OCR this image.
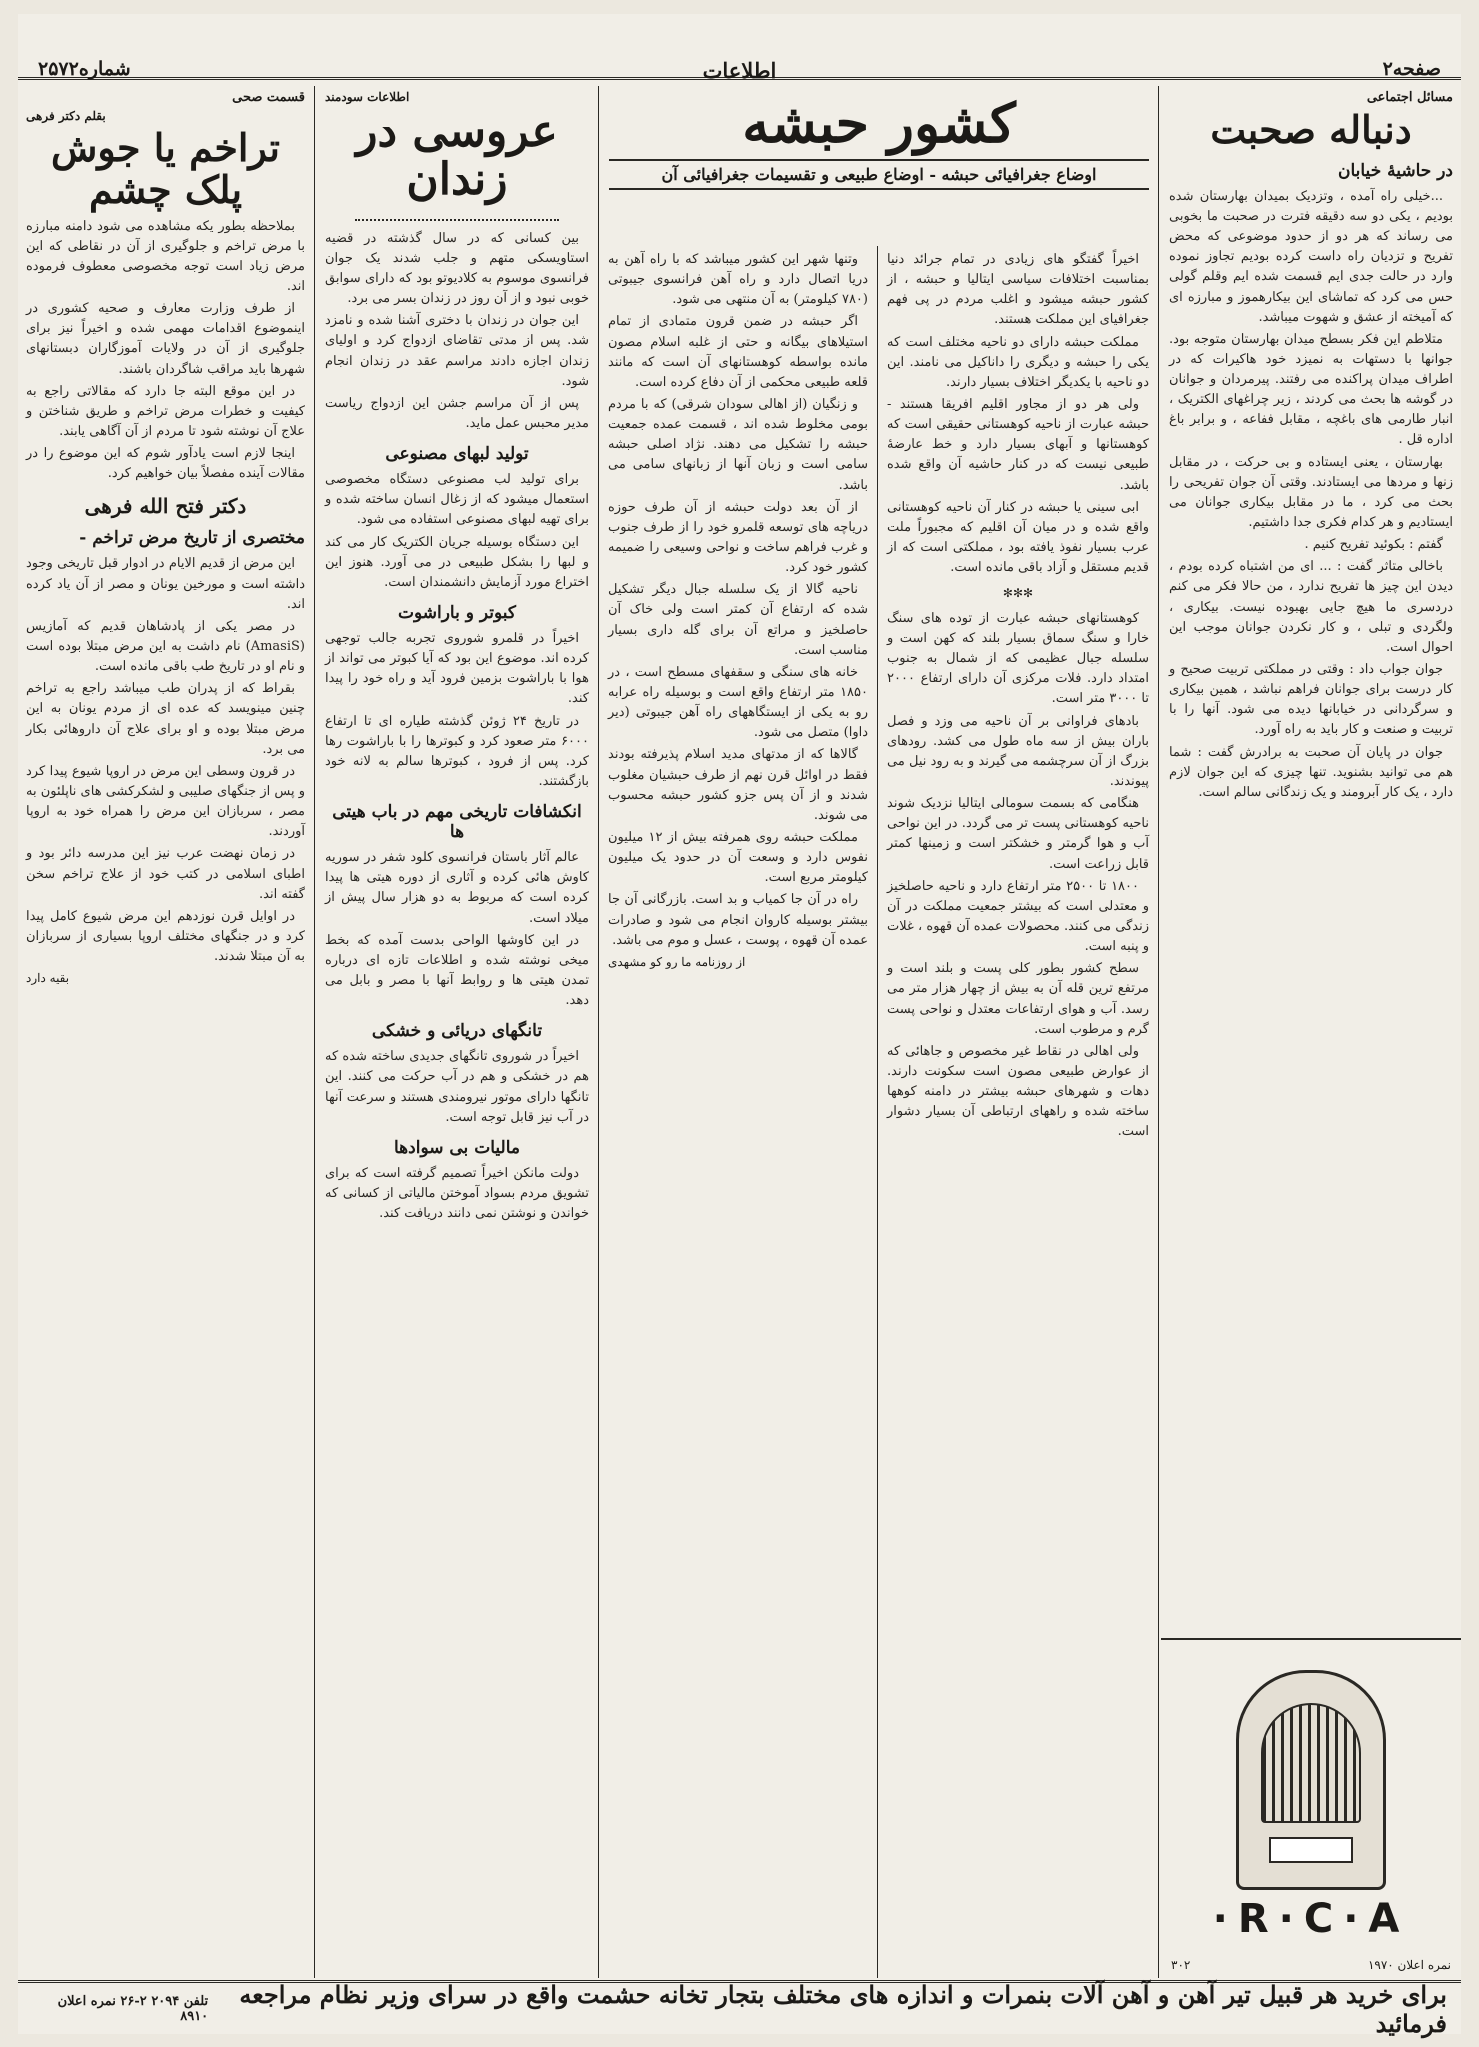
صفحه۲
اطلاعات
شماره۲۵۷۲
مسائل اجتماعی
دنباله صحبت
در حاشیهٔ خیابان

...خیلی راه آمده ، وتزدیک بمیدان بهارستان شده بودیم ، یکی دو سه دقیقه فترت در صحبت ما بخوبی می رساند که هر دو از حدود موضوعی که محض تفریح و تزدیان راه داست کرده بودیم تجاوز نموده وارد در حالت جدی ایم قسمت شده ایم وقلم گولی حس می کرد که تماشای این بیکارهموز و مبارزه ای که آمیخته از عشق و شهوت میباشد.

متلاطم این فکر بسطح میدان بهارستان متوجه بود. جوانها با دستهات به نمیزد خود هاکیرات که در اطراف میدان پراکنده می رفتند. پیرمردان و جوانان در گوشه ها بحث می کردند ، زیر چراغهای الکتریک ، انبار طارمی های باغچه ، مقابل ففاعه ، و برابر باغ اداره قل .

بهارستان ، یعنی ایستاده و بی حرکت ، در مقابل زنها و مردها می ایستادند. وقتی آن جوان تفریحی را بحث می کرد ، ما در مقابل بیکاری جوانان می ایستادیم و هر کدام فکری جدا داشتیم.

گفتم : بکوئید تفریح کنیم .

باخالی متاثر گفت : ... ای من اشتباه کرده بودم ، دیدن این چیز ها تفریح ندارد ، من حالا فکر می کنم دردسری ما هیچ جایی بهبوده نیست. بیکاری ، ولگردی و تبلی ، و کار نکردن جوانان موجب این احوال است.

جوان جواب داد : وقتی در مملکتی تربیت صحیح و کار درست برای جوانان فراهم نباشد ، همین بیکاری و سرگردانی در خیابانها دیده می شود. آنها را با تربیت و صنعت و کار باید به راه آورد.

جوان در پایان آن صحبت به برادرش گفت : شما هم می توانید بشنوید. تنها چیزی که این جوان لازم دارد ، یک کار آبرومند و یک زندگانی سالم است.

R·C·A·
نمره اعلان ۱۹۷۰
۳۰۲
کشور حبشه
اوضاع جغرافیائی حبشه - اوضاع طبیعی و تقسیمات جغرافیائی آن

اخیراً گفتگو های زیادی در تمام جرائد دنیا بمناسبت اختلافات سیاسی ایتالیا و حبشه ، از کشور حبشه میشود و اغلب مردم در پی فهم جغرافیای این مملکت هستند.

مملکت حبشه دارای دو ناحیه مختلف است که یکی را حبشه و دیگری را داناکیل می نامند. این دو ناحیه با یکدیگر اختلاف بسیار دارند.

ولی هر دو از مجاور اقلیم افریقا هستند - حبشه عبارت از ناحیه کوهستانی حقیقی است که کوهستانها و آبهای بسیار دارد و خط عارضهٔ طبیعی نیست که در کنار حاشیه آن واقع شده باشد.

ابی سینی یا حبشه در کنار آن ناحیه کوهستانی واقع شده و در میان آن اقلیم که مجبوراً ملت عرب بسیار نفوذ یافته بود ، مملکتی است که از قدیم مستقل و آزاد باقی مانده است.

✻✻✻

کوهستانهای حبشه عبارت از توده های سنگ خارا و سنگ سماق بسیار بلند که کهن است و سلسله جبال عظیمی که از شمال به جنوب امتداد دارد. فلات مرکزی آن دارای ارتفاع ۲۰۰۰ تا ۳۰۰۰ متر است.

بادهای فراوانی بر آن ناحیه می وزد و فصل باران بیش از سه ماه طول می کشد. رودهای بزرگ از آن سرچشمه می گیرند و به رود نیل می پیوندند.

هنگامی که بسمت سومالی ایتالیا نزدیک شوند ناحیه کوهستانی پست تر می گردد. در این نواحی آب و هوا گرمتر و خشکتر است و زمینها کمتر قابل زراعت است.

۱۸۰۰ تا ۲۵۰۰ متر ارتفاع دارد و ناحیه حاصلخیز و معتدلی است که بیشتر جمعیت مملکت در آن زندگی می کنند. محصولات عمده آن قهوه ، غلات و پنبه است.

سطح کشور بطور کلی پست و بلند است و مرتفع ترین قله آن به بیش از چهار هزار متر می رسد. آب و هوای ارتفاعات معتدل و نواحی پست گرم و مرطوب است.

ولی اهالی در نقاط غیر مخصوص و جاهائی که از عوارض طبیعی مصون است سکونت دارند. دهات و شهرهای حبشه بیشتر در دامنه کوهها ساخته شده و راههای ارتباطی آن بسیار دشوار است.

وتنها شهر این کشور میباشد که با راه آهن به دریا اتصال دارد و راه آهن فرانسوی جیبوتی (۷۸۰ کیلومتر) به آن منتهی می شود.

اگر حبشه در ضمن قرون متمادی از تمام استیلاهای بیگانه و حتی از غلبه اسلام مصون مانده بواسطه کوهستانهای آن است که مانند قلعه طبیعی محکمی از آن دفاع کرده است.

و زنگیان (از اهالی سودان شرقی) که با مردم بومی مخلوط شده اند ، قسمت عمده جمعیت حبشه را تشکیل می دهند. نژاد اصلی حبشه سامی است و زبان آنها از زبانهای سامی می باشد.

از آن بعد دولت حبشه از آن طرف حوزه دریاچه های توسعه قلمرو خود را از طرف جنوب و غرب فراهم ساخت و نواحی وسیعی را ضمیمه کشور خود کرد.

ناحیه گالا از یک سلسله جبال دیگر تشکیل شده که ارتفاع آن کمتر است ولی خاک آن حاصلخیز و مراتع آن برای گله داری بسیار مناسب است.

خانه های سنگی و سقفهای مسطح است ، در ۱۸۵۰ متر ارتفاع واقع است و بوسیله راه عرابه رو به یکی از ایستگاههای راه آهن جیبوتی (دیر داوا) متصل می شود.

گالاها که از مدتهای مدید اسلام پذیرفته بودند فقط در اوائل قرن نهم از طرف حبشیان مغلوب شدند و از آن پس جزو کشور حبشه محسوب می شوند.

مملکت حبشه روی همرفته بیش از ۱۲ میلیون نفوس دارد و وسعت آن در حدود یک میلیون کیلومتر مربع است.

راه در آن جا کمیاب و بد است. بازرگانی آن جا بیشتر بوسیله کاروان انجام می شود و صادرات عمده آن قهوه ، پوست ، عسل و موم می باشد.

از روزنامه ما رو کو مشهدی
اطلاعات سودمند
عروسی در زندان

بین کسانی که در سال گذشته در قضیه استاویسکی متهم و جلب شدند یک جوان فرانسوی موسوم به کلادیوتو بود که دارای سوابق خوبی نبود و از آن روز در زندان بسر می برد.

این جوان در زندان با دختری آشنا شده و نامزد شد. پس از مدتی تقاضای ازدواج کرد و اولیای زندان اجازه دادند مراسم عقد در زندان انجام شود.

پس از آن مراسم جشن این ازدواج ریاست مدیر محبس عمل ماید.

تولید لبهای مصنوعی

برای تولید لب مصنوعی دستگاه مخصوصی استعمال میشود که از زغال انسان ساخته شده و برای تهیه لبهای مصنوعی استفاده می شود.

این دستگاه بوسیله جریان الکتریک کار می کند و لبها را بشکل طبیعی در می آورد. هنوز این اختراع مورد آزمایش دانشمندان است.

کبوتر و باراشوت

اخیراً در قلمرو شوروی تجربه جالب توجهی کرده اند. موضوع این بود که آیا کبوتر می تواند از هوا با باراشوت بزمین فرود آید و راه خود را پیدا کند.

در تاریخ ۲۴ ژوئن گذشته طیاره ای تا ارتفاع ۶۰۰۰ متر صعود کرد و کبوترها را با باراشوت رها کرد. پس از فرود ، کبوترها سالم به لانه خود بازگشتند.

انکشافات تاریخی مهم در باب هیتی ها

عالم آثار باستان فرانسوی کلود شفر در سوریه کاوش هائی کرده و آثاری از دوره هیتی ها پیدا کرده است که مربوط به دو هزار سال پیش از میلاد است.

در این کاوشها الواحی بدست آمده که بخط میخی نوشته شده و اطلاعات تازه ای درباره تمدن هیتی ها و روابط آنها با مصر و بابل می دهد.

تانگهای دریائی و خشکی

اخیراً در شوروی تانگهای جدیدی ساخته شده که هم در خشکی و هم در آب حرکت می کنند. این تانگها دارای موتور نیرومندی هستند و سرعت آنها در آب نیز قابل توجه است.

مالیات بی سوادها

دولت مانکن اخیراً تصمیم گرفته است که برای تشویق مردم بسواد آموختن مالیاتی از کسانی که خواندن و نوشتن نمی دانند دریافت کند.

قسمت صحی
بقلم دکتر فرهی
تراخم یا جوش پلک چشم

بملاحظه بطور یکه مشاهده می شود دامنه مبارزه با مرض تراخم و جلوگیری از آن در نقاطی که این مرض زیاد است توجه مخصوصی معطوف فرموده اند.

از طرف وزارت معارف و صحیه کشوری در اینموضوع اقدامات مهمی شده و اخیراً نیز برای جلوگیری از آن در ولایات آموزگاران دبستانهای شهرها باید مراقب شاگردان باشند.

در این موقع البته جا دارد که مقالاتی راجع به کیفیت و خطرات مرض تراخم و طریق شناختن و علاج آن نوشته شود تا مردم از آن آگاهی یابند.

اینجا لازم است یادآور شوم که این موضوع را در مقالات آینده مفصلاً بیان خواهیم کرد.

دکتر فتح الله فرهی
مختصری از تاریخ مرض تراخم -

این مرض از قدیم الایام در ادوار قبل تاریخی وجود داشته است و مورخین یونان و مصر از آن یاد کرده اند.

در مصر یکی از پادشاهان قدیم که آمازیس (AmasiS) نام داشت به این مرض مبتلا بوده است و نام او در تاریخ طب باقی مانده است.

بقراط که از پدران طب میباشد راجع به تراخم چنین مینویسد که عده ای از مردم یونان به این مرض مبتلا بوده و او برای علاج آن داروهائی بکار می برد.

در قرون وسطی این مرض در اروپا شیوع پیدا کرد و پس از جنگهای صلیبی و لشکرکشی های ناپلئون به مصر ، سربازان این مرض را همراه خود به اروپا آوردند.

در زمان نهضت عرب نیز این مدرسه دائر بود و اطبای اسلامی در کتب خود از علاج تراخم سخن گفته اند.

در اوایل قرن نوزدهم این مرض شیوع کامل پیدا کرد و در جنگهای مختلف اروپا بسیاری از سربازان به آن مبتلا شدند.

بقیه دارد
برای خرید هر قبیل تیر آهن و آهن آلات بنمرات و اندازه های مختلف بتجار تخانه حشمت واقع در سرای وزیر نظام مراجعه فرمائید
تلفن ۲۰۹۴ ۲-۲۶ نمره اعلان ۸۹۱۰
